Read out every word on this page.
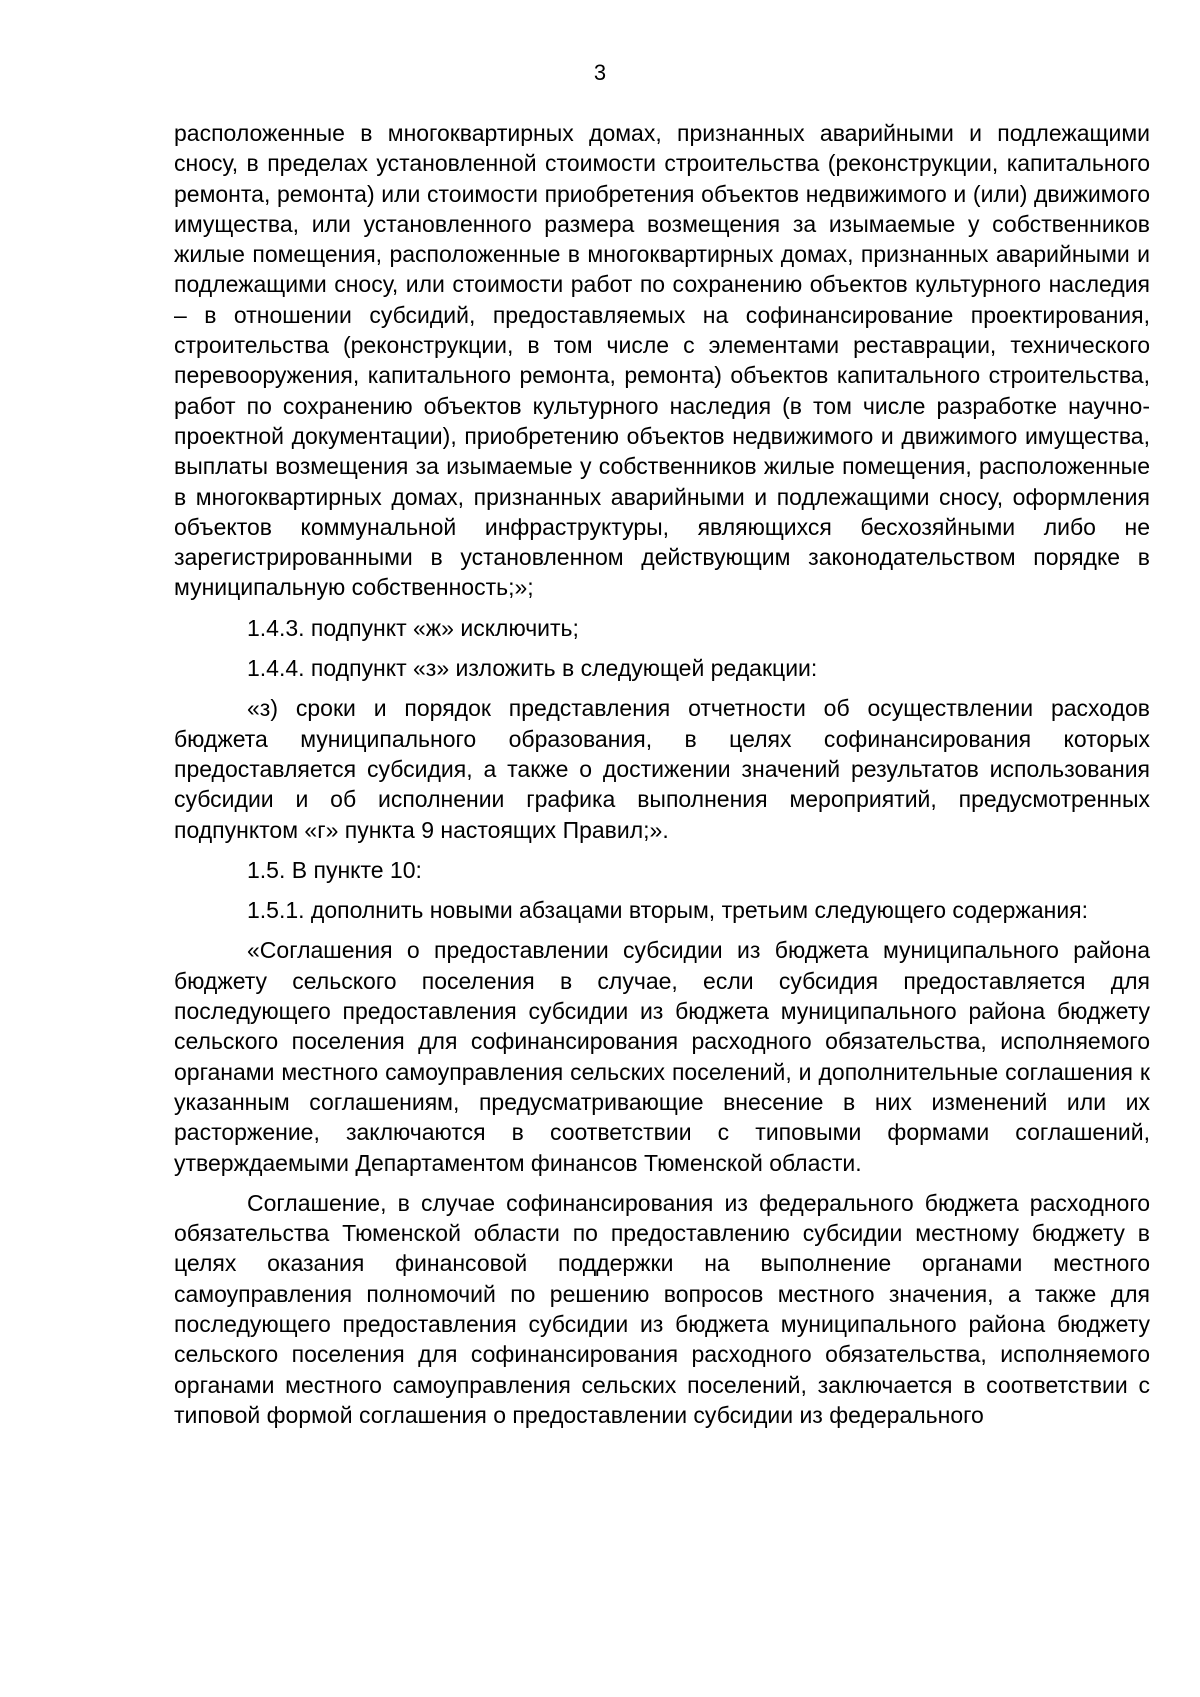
3

расположенные в многоквартирных домах, признанных аварийными и подлежащими сносу, в пределах установленной стоимости строительства (реконструкции, капитального ремонта, ремонта) или стоимости приобретения объектов недвижимого и (или) движимого имущества, или установленного размера возмещения за изымаемые у собственников жилые помещения, расположенные в многоквартирных домах, признанных аварийными и подлежащими сносу, или стоимости работ по сохранению объектов культурного наследия – в отношении субсидий, предоставляемых на софинансирование проектирования, строительства (реконструкции, в том числе с элементами реставрации, технического перевооружения, капитального ремонта, ремонта) объектов капитального строительства, работ по сохранению объектов культурного наследия (в том числе разработке научно-проектной документации), приобретению объектов недвижимого и движимого имущества, выплаты возмещения за изымаемые у собственников жилые помещения, расположенные в многоквартирных домах, признанных аварийными и подлежащими сносу, оформления объектов коммунальной инфраструктуры, являющихся бесхозяйными либо не зарегистрированными в установленном действующим законодательством порядке в муниципальную собственность;»;

1.4.3. подпункт «ж» исключить;

1.4.4. подпункт «з» изложить в следующей редакции:

«з) сроки и порядок представления отчетности об осуществлении расходов бюджета муниципального образования, в целях софинансирования которых предоставляется субсидия, а также о достижении значений результатов использования субсидии и об исполнении графика выполнения мероприятий, предусмотренных подпунктом «г» пункта 9 настоящих Правил;».

1.5. В пункте 10:

1.5.1. дополнить новыми абзацами вторым, третьим следующего содержания:

«Соглашения о предоставлении субсидии из бюджета муниципального района бюджету сельского поселения в случае, если субсидия предоставляется для последующего предоставления субсидии из бюджета муниципального района бюджету сельского поселения для софинансирования расходного обязательства, исполняемого органами местного самоуправления сельских поселений, и дополнительные соглашения к указанным соглашениям, предусматривающие внесение в них изменений или их расторжение, заключаются в соответствии с типовыми формами соглашений, утверждаемыми Департаментом финансов Тюменской области.

Соглашение, в случае софинансирования из федерального бюджета расходного обязательства Тюменской области по предоставлению субсидии местному бюджету в целях оказания финансовой поддержки на выполнение органами местного самоуправления полномочий по решению вопросов местного значения, а также для последующего предоставления субсидии из бюджета муниципального района бюджету сельского поселения для софинансирования расходного обязательства, исполняемого органами местного самоуправления сельских поселений, заключается в соответствии с типовой формой соглашения о предоставлении субсидии из федерального
